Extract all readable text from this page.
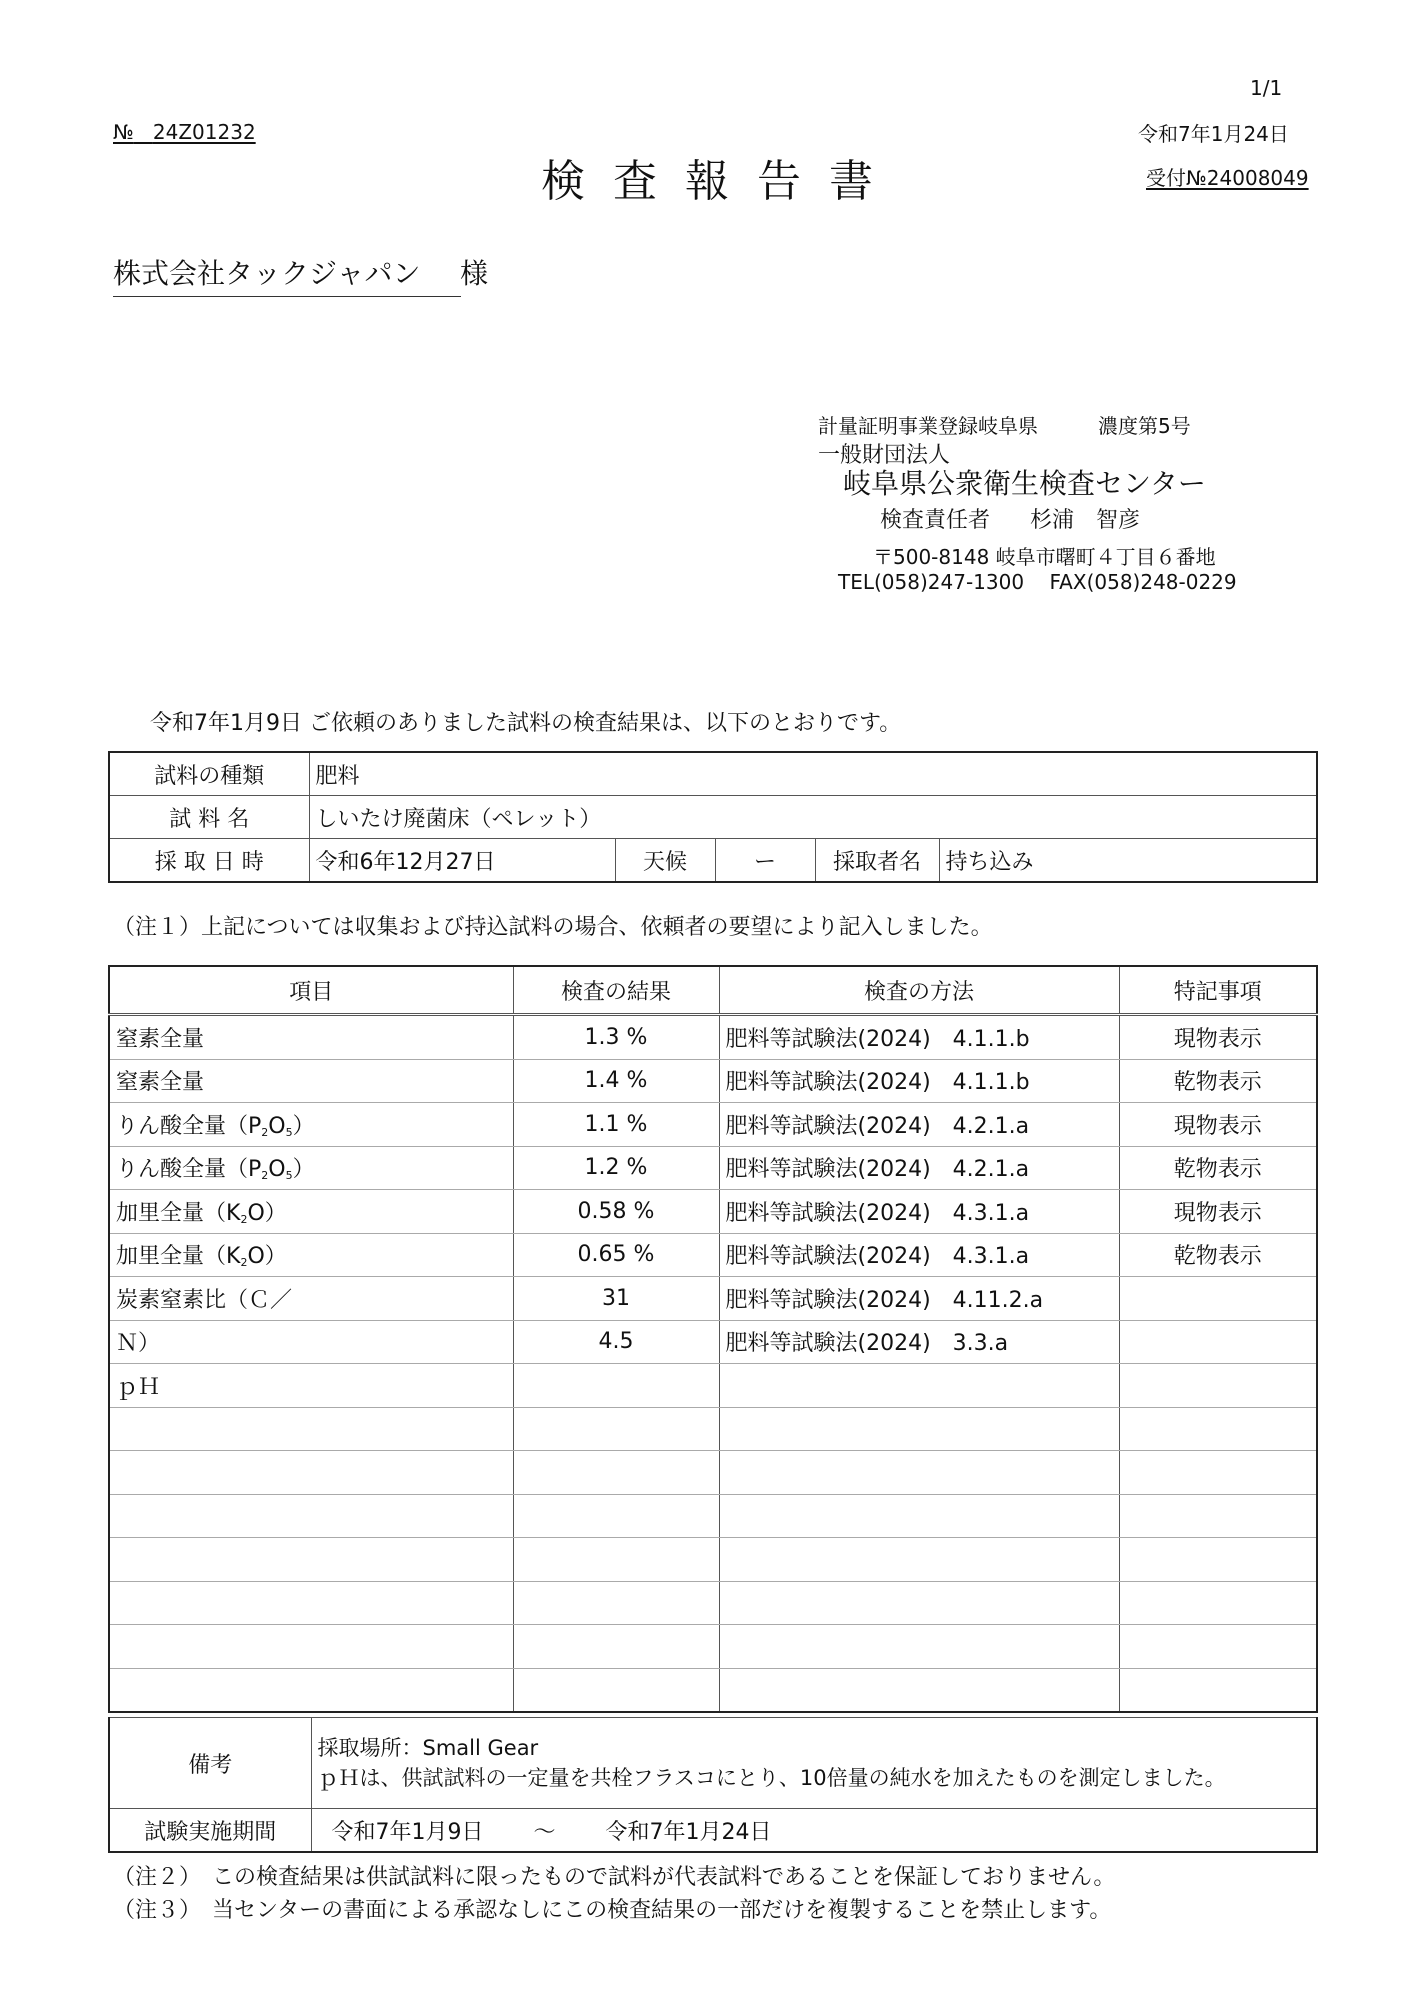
1/1
№ 24Z01232	令和7年1月24日
受付№24008049
検査報告書
株式会社タックジャパン	様
計量証明事業登録岐阜県	濃度第5号
一般財団法人
岐阜県公衆衛生検査センター
検査責任者 杉浦　智彦
〒500-8148 岐阜市曙町４丁目６番地
TEL(058)247-1300 FAX(058)248-0229
令和7年1月9日 ご依頼のありました試料の検査結果は、以下のとおりです。
試料の種類	肥料				
試 料 名	しいたけ廃菌床（ペレット）				
採 取 日 時	令和6年12月27日	天候	ー	採取者名	持ち込み
（注１）上記については収集および持込試料の場合、依頼者の要望により記入しました。
項目	検査の結果	検査の方法	特記事項
窒素全量	1.3 %	肥料等試験法(2024)　4.1.1.b	現物表示
窒素全量	1.4 %	肥料等試験法(2024)　4.1.1.b	乾物表示
りん酸全量$(P_2O_5)$	1.1 %	肥料等試験法(2024)　4.2.1.a	現物表示
りん酸全量$(P_2O_5)$	1.2 %	肥料等試験法(2024)　4.2.1.a	乾物表示
加里全量$(K_2O)$	0.58 %	肥料等試験法(2024)　4.3.1.a	現物表示
加里全量$(K_2O)$	0.65 %	肥料等試験法(2024)　4.3.1.a	乾物表示
炭素窒素比（Ｃ／	31	肥料等試験法(2024)　4.11.2.a	
Ｎ）	4.5	肥料等試験法(2024)　3.3.a	
ｐＨ			

備考	採取場所：Small Gear
ｐＨは、供試試料の一定量を共栓フラスコにとり、10倍量の純水を加えたものを測定しました。

試験実施期間	令和7年1月9日 ～ 令和7年1月24日
（注２）　この検査結果は供試試料に限ったもので試料が代表試料であることを保証しておりません。
（注３）　当センターの書面による承認なしにこの検査結果の一部だけを複製することを禁止します。
